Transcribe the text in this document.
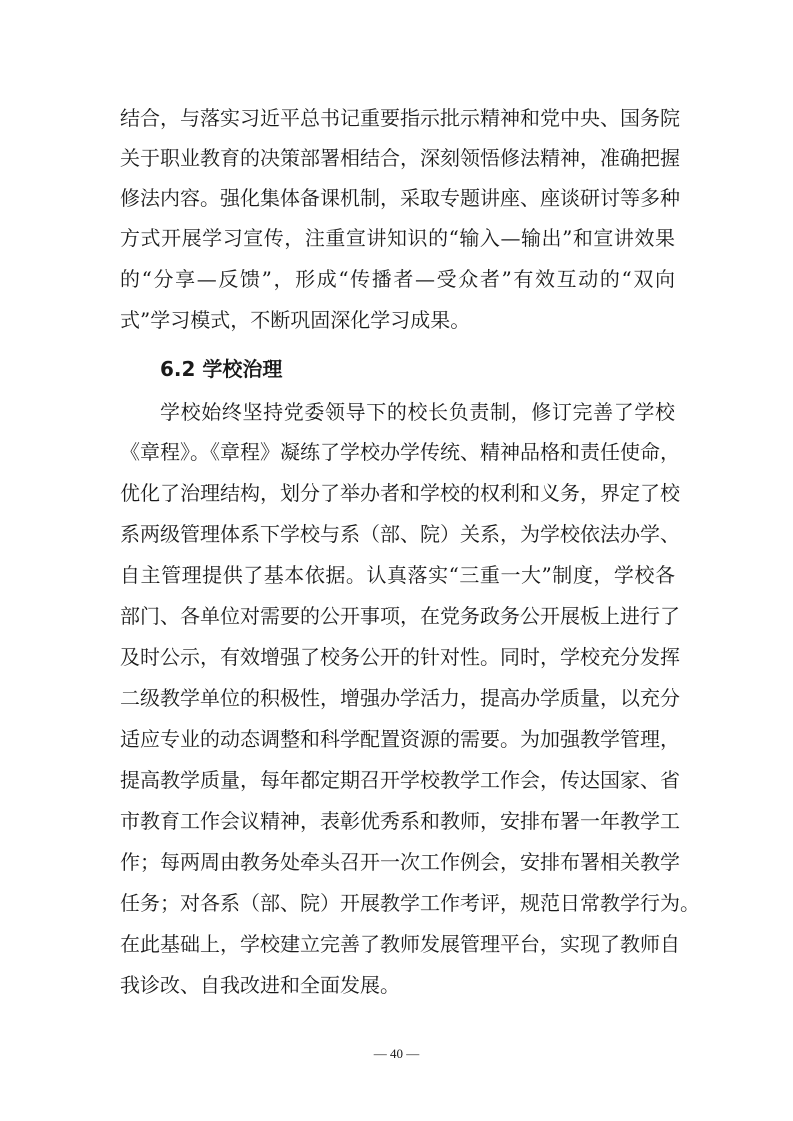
结合，与落实习近平总书记重要指示批示精神和党中央、国务院
关于职业教育的决策部署相结合，深刻领悟修法精神，准确把握
修法内容。强化集体备课机制，采取专题讲座、座谈研讨等多种
方式开展学习宣传，注重宣讲知识的“输入—输出”和宣讲效果
的“分享—反馈”，形成“传播者—受众者”有效互动的“双向
式”学习模式，不断巩固深化学习成果。
6.2 学校治理
学校始终坚持党委领导下的校长负责制，修订完善了学校
《章程》。《章程》凝练了学校办学传统、精神品格和责任使命，
优化了治理结构，划分了举办者和学校的权利和义务，界定了校
系两级管理体系下学校与系（部、院）关系，为学校依法办学、
自主管理提供了基本依据。认真落实“三重一大”制度，学校各
部门、各单位对需要的公开事项，在党务政务公开展板上进行了
及时公示，有效增强了校务公开的针对性。同时，学校充分发挥
二级教学单位的积极性，增强办学活力，提高办学质量，以充分
适应专业的动态调整和科学配置资源的需要。为加强教学管理，
提高教学质量，每年都定期召开学校教学工作会，传达国家、省
市教育工作会议精神，表彰优秀系和教师，安排布署一年教学工
作；每两周由教务处牵头召开一次工作例会，安排布署相关教学
任务；对各系（部、院）开展教学工作考评，规范日常教学行为。
在此基础上，学校建立完善了教师发展管理平台，实现了教师自
我诊改、自我改进和全面发展。
— 40 —
